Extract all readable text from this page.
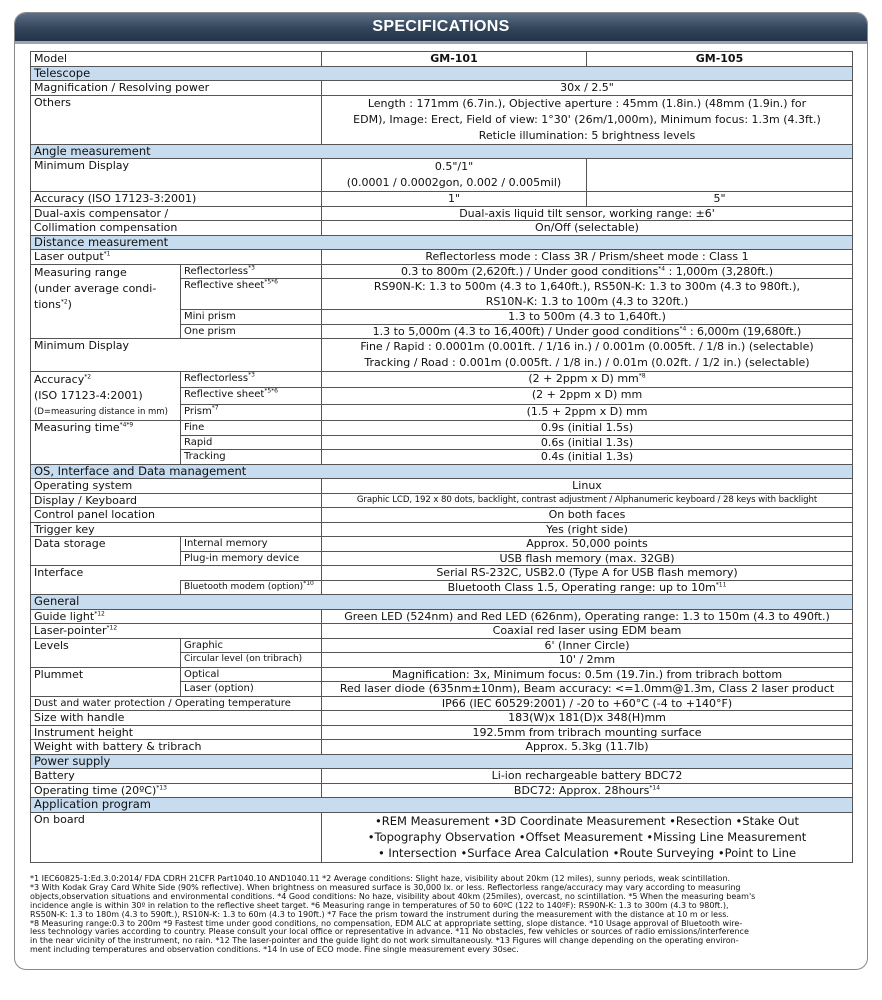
SPECIFICATIONS
Model		GM-101	GM-105
Telescope			
Magnification / Resolving power		30x / 2.5"	
Others		Length : 171mm (6.7in.), Objective aperture : 45mm (1.8in.) (48mm (1.9in.) for
EDM), Image: Erect, Field of view: 1°30' (26m/1,000m), Minimum focus: 1.3m (4.3ft.)
Reticle illumination: 5 brightness levels	

Angle measurement			
Minimum Display		0.5"/1"
(0.0001 / 0.0002gon, 0.002 / 0.005mil)	

Accuracy (ISO 17123-3:2001)		1"	5"
Dual-axis compensator /		Dual-axis liquid tilt sensor, working range: ±6'	
Collimation compensation		On/Off (selectable)	
Distance measurement			
Laser output$^{*1}$		Reflectorless mode : Class 3R / Prism/sheet mode : Class 1	

Measuring range
(under average condi-
tions$^{*2}$)	Reflectorless$^{*3}$	0.3 to 800m (2,620ft.) / Under good conditions$^{*4}$ : 1,000m (3,280ft.)	
	Reflective sheet$^{*5*6}$	RS90N-K: 1.3 to 500m (4.3 to 1,640ft.), RS50N-K: 1.3 to 300m (4.3 to 980ft.),	
		RS10N-K: 1.3 to 100m (4.3 to 320ft.)	
	Mini prism	1.3 to 500m (4.3 to 1,640ft.)	
	One prism	1.3 to 5,000m (4.3 to 16,400ft) / Under good conditions$^{*4}$ : 6,000m (19,680ft.)	
Minimum Display		Fine / Rapid : 0.0001m (0.001ft. / 1/16 in.) / 0.001m (0.005ft. / 1/8 in.) (selectable)
Tracking / Road : 0.001m (0.005ft. / 1/8 in.) / 0.01m (0.02ft. / 1/2 in.) (selectable)	

Accuracy$^{*2}$
(ISO 17123-4:2001)
(D=measuring distance in mm)	Reflectorless$^{*3}$	(2 + 2ppm x D) $mm^{*8}$
	Reflective sheet$^{*5*6}$	(2 + 2ppm x D) mm	
	Prism$^{*7}$	(1.5 + 2ppm x D) mm	
Measuring time$^{*4*9}$	Fine	0.9s (initial 1.5s)	
	Rapid	0.6s (initial 1.3s)	
	Tracking	0.4s (initial 1.3s)	
OS, Interface and Data management			
Operating system		Linux	
Display / Keyboard		Graphic LCD, 192 x 80 dots, backlight, contrast adjustment / Alphanumeric keyboard / 28 keys with backlight	
Control panel location		On both faces	
Trigger key		Yes (right side)	
Data storage	Internal memory	Approx. 50,000 points	
	Plug-in memory device	USB flash memory (max. 32GB)	
Interface		Serial RS-232C, USB2.0 (Type A for USB flash memory)	
	Bluetooth modem (option)$^{*10}$	Bluetooth Class 1.5, Operating range: up to $10m^{*11}$
General			
Guide light$^{*12}$		Green LED (524nm) and Red LED (626nm), Operating range: 1.3 to 150m (4.3 to 490ft.)	
Laser-pointer$^{*12}$		Coaxial red laser using EDM beam	
Levels	Graphic	6' (Inner Circle)	
	Circular level (on tribrach)	10' / 2mm	
Plummet	Optical	Magnification: 3x, Minimum focus: 0.5m (19.7in.) from tribrach bottom	
	Laser (option)	Red laser diode (635nm±10nm), Beam accuracy: <=1.0mm@1.3m, Class 2 laser product	
Dust and water protection / Operating temperature		IP66 (IEC 60529:2001) / -20 to +60°C (-4 to +140°F)	
Size with handle		183(W)x 181(D)x 348(H)mm	
Instrument height		192.5mm from tribrach mounting surface	
Weight with battery & tribrach		Approx. 5.3kg (11.7lb)	
Power supply			
Battery		Li-ion rechargeable battery BDC72	
Operating time (20ºC)$^{*13}$		BDC72: Approx. 28hours$^{*14}$
Application program			
On board		•REM Measurement •3D Coordinate Measurement •Resection •Stake Out
•Topography Observation •Offset Measurement •Missing Line Measurement
• Intersection •Surface Area Calculation •Route Surveying •Point to Line	

*1 IEC60825-1:Ed.3.0:2014/ FDA CDRH 21CFR Part1040.10 AND1040.11 *2 Average conditions: Slight haze, visibility about 20km (12 miles), sunny periods, weak scintillation.

*3 With Kodak Gray Card White Side (90% reflective). When brightness on measured surface is 30,000 lx. or less. Reflectorless range/accuracy may vary according to measuring

objects,observation situations and environmental conditions. *4 Good conditions: No haze, visibility about 40km (25miles), overcast, no scintillation. *5 When the measuring beam's

incidence angle is within 30º in relation to the reflective sheet target. *6 Measuring range in temperatures of 50 to 60ºC (122 to 140ºF): RS90N-K: 1.3 to 300m (4.3 to 980ft.),

RS50N-K: 1.3 to 180m (4.3 to 590ft.), RS10N-K: 1.3 to 60m (4.3 to 190ft.) *7 Face the prism toward the instrument during the measurement with the distance at 10 m or less.

*8 Measuring range:0.3 to 200m *9 Fastest time under good conditions, no compensation, EDM ALC at appropriate setting, slope distance. *10 Usage approval of Bluetooth wire-

less technology varies according to country. Please consult your local office or representative in advance. *11 No obstacles, few vehicles or sources of radio emissions/interference

in the near vicinity of the instrument, no rain. *12 The laser-pointer and the guide light do not work simultaneously. *13 Figures will change depending on the operating environ-

ment including temperatures and observation conditions. *14 In use of ECO mode. Fine single measurement every 30sec.
